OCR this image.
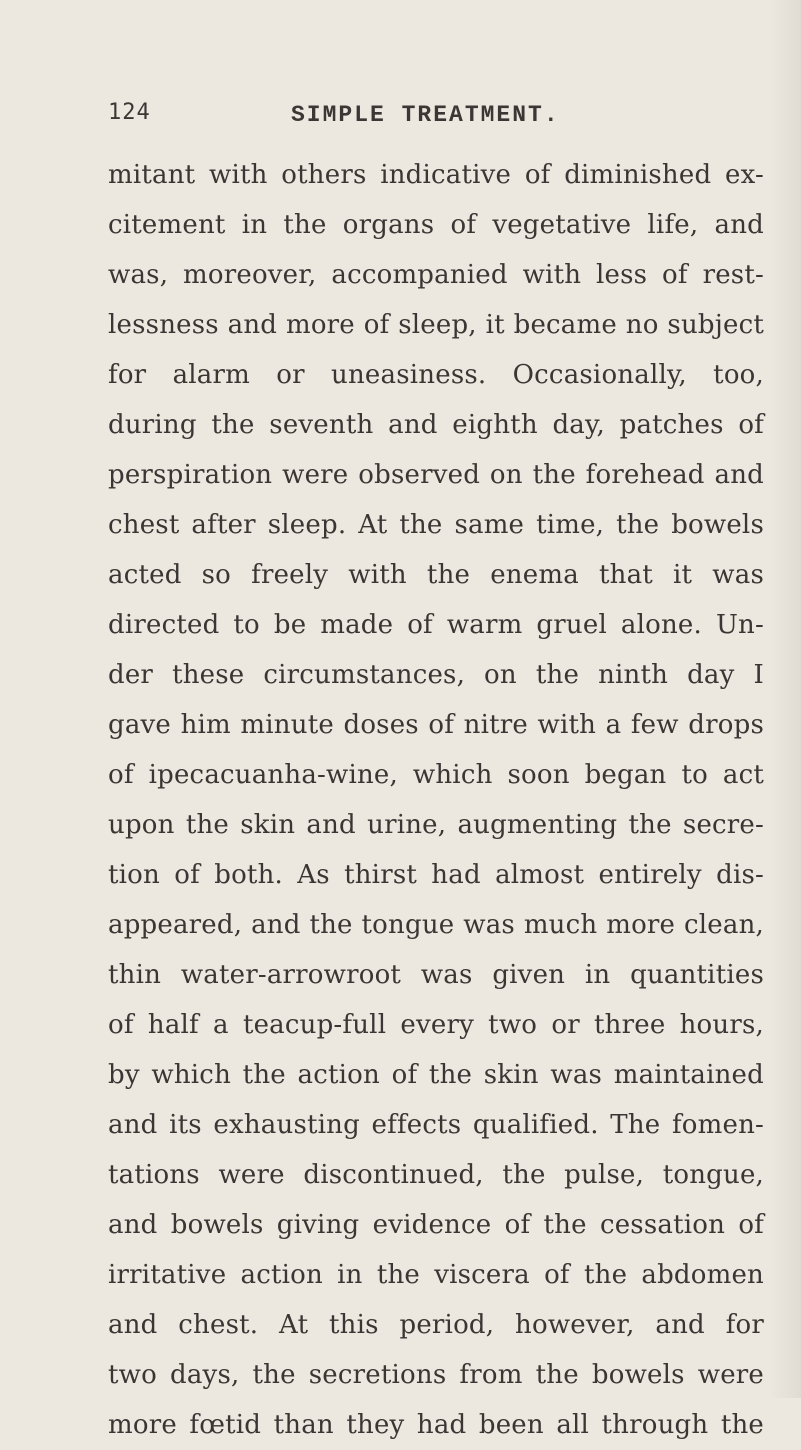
124	SIMPLE TREATMENT.
mitant with others indicative of diminished ex-
citement in the organs of vegetative life, and
was, moreover, accompanied with less of rest-
lessness and more of sleep, it became no subject
for alarm or uneasiness. Occasionally, too,
during the seventh and eighth day, patches of
perspiration were observed on the forehead and
chest after sleep. At the same time, the bowels
acted so freely with the enema that it was
directed to be made of warm gruel alone. Un-
der these circumstances, on the ninth day I
gave him minute doses of nitre with a few drops
of ipecacuanha-wine, which soon began to act
upon the skin and urine, augmenting the secre-
tion of both. As thirst had almost entirely dis-
appeared, and the tongue was much more clean,
thin water-arrowroot was given in quantities
of half a teacup-full every two or three hours,
by which the action of the skin was maintained
and its exhausting effects qualified. The fomen-
tations were discontinued, the pulse, tongue,
and bowels giving evidence of the cessation of
irritative action in the viscera of the abdomen
and chest. At this period, however, and for
two days, the secretions from the bowels were
more fœtid than they had been all through the
